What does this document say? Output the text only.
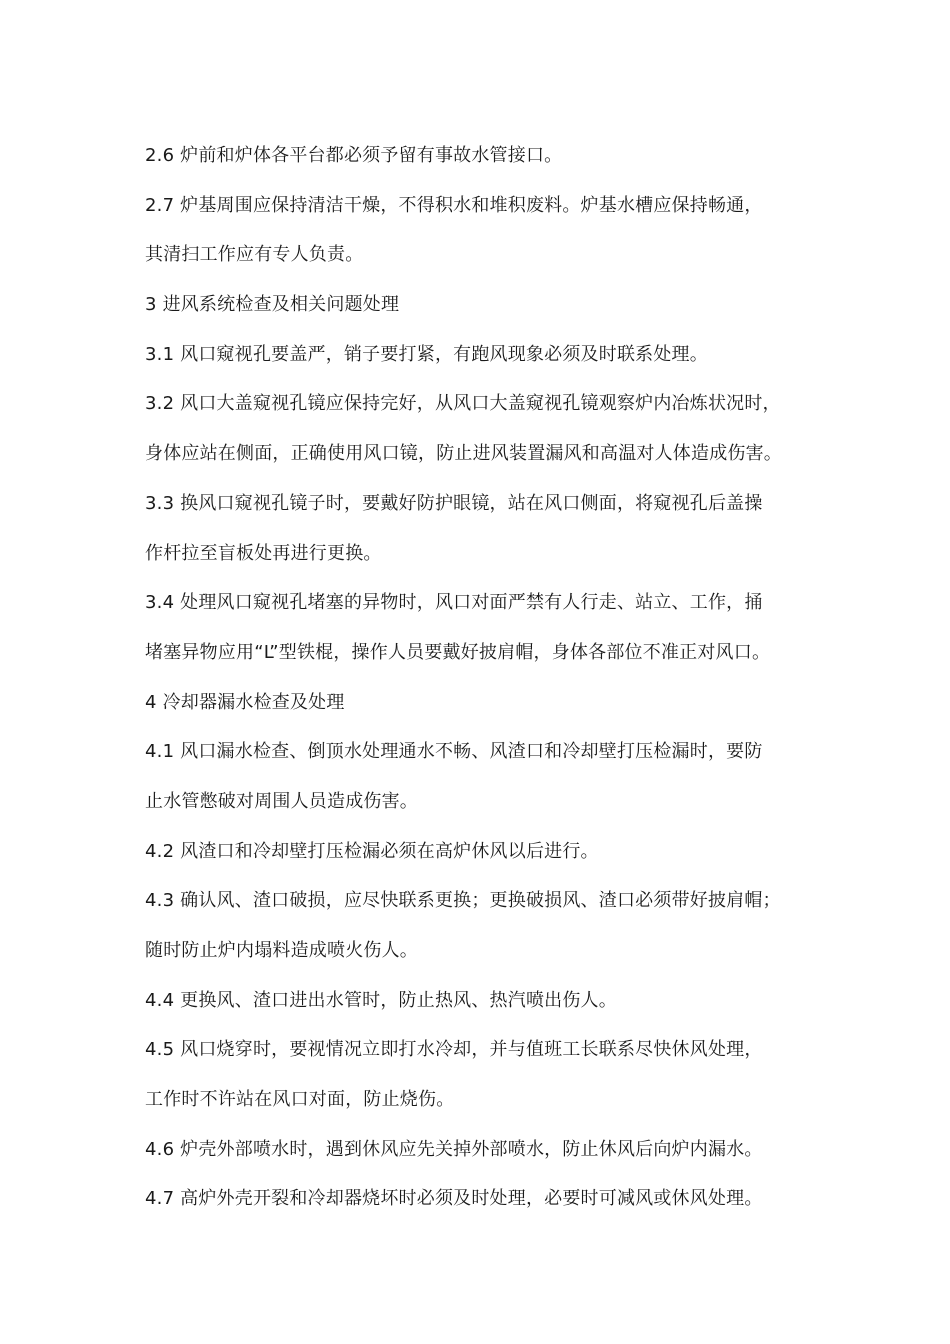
2.6 炉前和炉体各平台都必须予留有事故水管接口。
2.7 炉基周围应保持清洁干燥，不得积水和堆积废料。炉基水槽应保持畅通，
其清扫工作应有专人负责。
3 进风系统检查及相关问题处理
3.1 风口窥视孔要盖严，销子要打紧，有跑风现象必须及时联系处理。
3.2 风口大盖窥视孔镜应保持完好，从风口大盖窥视孔镜观察炉内冶炼状况时，
身体应站在侧面，正确使用风口镜，防止进风装置漏风和高温对人体造成伤害。
3.3 换风口窥视孔镜子时，要戴好防护眼镜，站在风口侧面，将窥视孔后盖操
作杆拉至盲板处再进行更换。
3.4 处理风口窥视孔堵塞的异物时，风口对面严禁有人行走、站立、工作，捅
堵塞异物应用“L”型铁棍，操作人员要戴好披肩帽，身体各部位不准正对风口。
4 冷却器漏水检查及处理
4.1 风口漏水检查、倒顶水处理通水不畅、风渣口和冷却壁打压检漏时，要防
止水管憋破对周围人员造成伤害。
4.2 风渣口和冷却壁打压检漏必须在高炉休风以后进行。
4.3 确认风、渣口破损，应尽快联系更换；更换破损风、渣口必须带好披肩帽；
随时防止炉内塌料造成喷火伤人。
4.4 更换风、渣口进出水管时，防止热风、热汽喷出伤人。
4.5 风口烧穿时，要视情况立即打水冷却，并与值班工长联系尽快休风处理，
工作时不许站在风口对面，防止烧伤。
4.6 炉壳外部喷水时，遇到休风应先关掉外部喷水，防止休风后向炉内漏水。
4.7 高炉外壳开裂和冷却器烧坏时必须及时处理，必要时可减风或休风处理。
